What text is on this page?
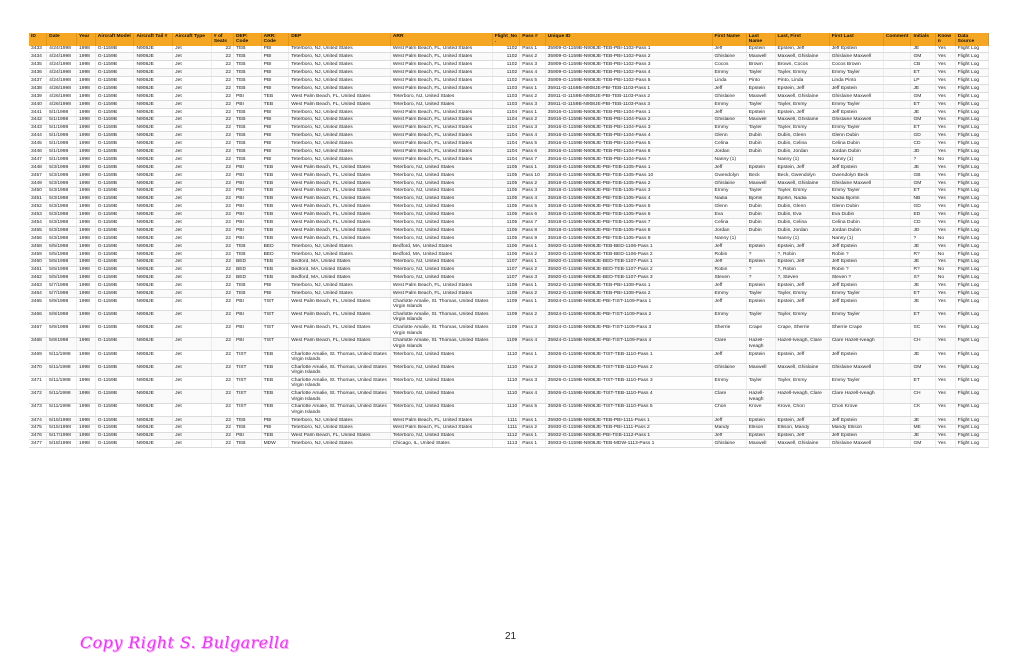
ID	Date	Year	Aircraft Model	Aircraft Tail #	Aircraft Type	# of Seats	DEP: Code	ARR: Code	DEP	ARR	Flight_No.	Pass #	Unique ID	First Name	Last Name	Last, First	First Last	Comment	Initials	Known	Data Source
3433	4/24/1998	1998	G-1159B	N908JE	Jet	22	TEB	PBI	Teterboro, NJ, United States	West Palm Beach, FL, United States	1102	Pass 1	35909-G-1159B-N908JE-TEB-PBI-1102-Pass 1	Jeff	Epstein	Epstein, Jeff	Jeff Epstein		JE	Yes	Flight Log
3434	4/24/1998	1998	G-1159B	N908JE	Jet	22	TEB	PBI	Teterboro, NJ, United States	West Palm Beach, FL, United States	1102	Pass 2	35909-G-1159B-N908JE-TEB-PBI-1102-Pass 2	Ghislaine	Maxwell	Maxwell, Ghislaine	Ghislaine Maxwell		GM	Yes	Flight Log
3435	4/24/1998	1998	G-1159B	N908JE	Jet	22	TEB	PBI	Teterboro, NJ, United States	West Palm Beach, FL, United States	1102	Pass 3	35909-G-1159B-N908JE-TEB-PBI-1102-Pass 3	Cocos	Brown	Brown, Cocos	Cocos Brown		CB	Yes	Flight Log
3436	4/24/1998	1998	G-1159B	N908JE	Jet	22	TEB	PBI	Teterboro, NJ, United States	West Palm Beach, FL, United States	1102	Pass 4	35909-G-1159B-N908JE-TEB-PBI-1102-Pass 4	Emmy	Tayler	Tayler, Emmy	Emmy Tayler		ET	Yes	Flight Log
3437	4/24/1998	1998	G-1159B	N908JE	Jet	22	TEB	PBI	Teterboro, NJ, United States	West Palm Beach, FL, United States	1102	Pass 5	35909-G-1159B-N908JE-TEB-PBI-1102-Pass 5	Linda	Pinto	Pinto, Linda	Linda Pinto		LP	Yes	Flight Log
3438	4/26/1998	1998	G-1159B	N908JE	Jet	22	TEB	PBI	Teterboro, NJ, United States	West Palm Beach, FL, United States	1103	Pass 1	35911-G-1159B-N908JE-PBI-TEB-1103-Pass 1	Jeff	Epstein	Epstein, Jeff	Jeff Epstein		JE	Yes	Flight Log
3439	4/26/1998	1998	G-1159B	N908JE	Jet	22	PBI	TEB	West Palm Beach, FL, United States	Teterboro, NJ, United States	1103	Pass 2	35911-G-1159B-N908JE-PBI-TEB-1103-Pass 2	Ghislaine	Maxwell	Maxwell, Ghislaine	Ghislaine Maxwell		GM	Yes	Flight Log
3440	4/26/1998	1998	G-1159B	N908JE	Jet	22	PBI	TEB	West Palm Beach, FL, United States	Teterboro, NJ, United States	1103	Pass 3	35911-G-1159B-N908JE-PBI-TEB-1103-Pass 3	Emmy	Tayler	Tayler, Emmy	Emmy Tayler		ET	Yes	Flight Log
3441	5/1/1998	1998	G-1159B	N908JE	Jet	22	TEB	PBI	Teterboro, NJ, United States	West Palm Beach, FL, United States	1104	Pass 1	35916-G-1159B-N908JE-TEB-PBI-1104-Pass 1	Jeff	Epstein	Epstein, Jeff	Jeff Epstein		JE	Yes	Flight Log
3442	5/1/1998	1998	G-1159B	N908JE	Jet	22	TEB	PBI	Teterboro, NJ, United States	West Palm Beach, FL, United States	1104	Pass 2	35916-G-1159B-N908JE-TEB-PBI-1104-Pass 2	Ghislaine	Maxwell	Maxwell, Ghislaine	Ghislaine Maxwell		GM	Yes	Flight Log
3443	5/1/1998	1998	G-1159B	N908JE	Jet	22	TEB	PBI	Teterboro, NJ, United States	West Palm Beach, FL, United States	1104	Pass 3	35916-G-1159B-N908JE-TEB-PBI-1104-Pass 3	Emmy	Tayler	Tayler, Emmy	Emmy Tayler		ET	Yes	Flight Log
3444	5/1/1998	1998	G-1159B	N908JE	Jet	22	TEB	PBI	Teterboro, NJ, United States	West Palm Beach, FL, United States	1104	Pass 4	35916-G-1159B-N908JE-TEB-PBI-1104-Pass 4	Glenn	Dubin	Dubin, Glenn	Glenn Dubin		GD	Yes	Flight Log
3445	5/1/1998	1998	G-1159B	N908JE	Jet	22	TEB	PBI	Teterboro, NJ, United States	West Palm Beach, FL, United States	1104	Pass 5	35916-G-1159B-N908JE-TEB-PBI-1104-Pass 5	Celina	Dubin	Dubin, Celina	Celina Dubin		CD	Yes	Flight Log
3446	5/1/1998	1998	G-1159B	N908JE	Jet	22	TEB	PBI	Teterboro, NJ, United States	West Palm Beach, FL, United States	1104	Pass 6	35916-G-1159B-N908JE-TEB-PBI-1104-Pass 6	Jordan	Dubin	Dubin, Jordan	Jordan Dubin		JD	Yes	Flight Log
3447	5/1/1998	1998	G-1159B	N908JE	Jet	22	TEB	PBI	Teterboro, NJ, United States	West Palm Beach, FL, United States	1104	Pass 7	35916-G-1159B-N908JE-TEB-PBI-1104-Pass 7	Nanny (1)		Nanny (1)	Nanny (1)		?	No	Flight Log
3448	5/3/1998	1998	G-1159B	N908JE	Jet	22	PBI	TEB	West Palm Beach, FL, United States	Teterboro, NJ, United States	1105	Pass 1	35918-G-1159B-N908JE-PBI-TEB-1105-Pass 1	Jeff	Epstein	Epstein, Jeff	Jeff Epstein		JE	Yes	Flight Log
3457	5/3/1998	1998	G-1159B	N908JE	Jet	22	PBI	TEB	West Palm Beach, FL, United States	Teterboro, NJ, United States	1105	Pass 10	35918-G-1159B-N908JE-PBI-TEB-1105-Pass 10	Gwendolyn	Beck	Beck, Gwendolyn	Gwendolyn Beck		GB	Yes	Flight Log
3449	5/3/1998	1998	G-1159B	N908JE	Jet	22	PBI	TEB	West Palm Beach, FL, United States	Teterboro, NJ, United States	1105	Pass 2	35918-G-1159B-N908JE-PBI-TEB-1105-Pass 2	Ghislaine	Maxwell	Maxwell, Ghislaine	Ghislaine Maxwell		GM	Yes	Flight Log
3450	5/3/1998	1998	G-1159B	N908JE	Jet	22	PBI	TEB	West Palm Beach, FL, United States	Teterboro, NJ, United States	1105	Pass 3	35918-G-1159B-N908JE-PBI-TEB-1105-Pass 3	Emmy	Tayler	Tayler, Emmy	Emmy Tayler		ET	Yes	Flight Log
3451	5/3/1998	1998	G-1159B	N908JE	Jet	22	PBI	TEB	West Palm Beach, FL, United States	Teterboro, NJ, United States	1105	Pass 4	35918-G-1159B-N908JE-PBI-TEB-1105-Pass 4	Nadia	Bjorlin	Bjorlin, Nadia	Nadia Bjorlin		NB	Yes	Flight Log
3452	5/3/1998	1998	G-1159B	N908JE	Jet	22	PBI	TEB	West Palm Beach, FL, United States	Teterboro, NJ, United States	1105	Pass 5	35918-G-1159B-N908JE-PBI-TEB-1105-Pass 5	Glenn	Dubin	Dubin, Glenn	Glenn Dubin		GD	Yes	Flight Log
3453	5/3/1998	1998	G-1159B	N908JE	Jet	22	PBI	TEB	West Palm Beach, FL, United States	Teterboro, NJ, United States	1105	Pass 6	35918-G-1159B-N908JE-PBI-TEB-1105-Pass 6	Eva	Dubin	Dubin, Eva	Eva Dubin		ED	Yes	Flight Log
3454	5/3/1998	1998	G-1159B	N908JE	Jet	22	PBI	TEB	West Palm Beach, FL, United States	Teterboro, NJ, United States	1105	Pass 7	35918-G-1159B-N908JE-PBI-TEB-1105-Pass 7	Celina	Dubin	Dubin, Celina	Celina Dubin		CD	Yes	Flight Log
3455	5/3/1998	1998	G-1159B	N908JE	Jet	22	PBI	TEB	West Palm Beach, FL, United States	Teterboro, NJ, United States	1105	Pass 8	35918-G-1159B-N908JE-PBI-TEB-1105-Pass 8	Jordan	Dubin	Dubin, Jordan	Jordan Dubin		JD	Yes	Flight Log
3456	5/3/1998	1998	G-1159B	N908JE	Jet	22	PBI	TEB	West Palm Beach, FL, United States	Teterboro, NJ, United States	1105	Pass 9	35918-G-1159B-N908JE-PBI-TEB-1105-Pass 9	Nanny (1)		Nanny (1)	Nanny (1)		?	No	Flight Log
3458	5/5/1998	1998	G-1159B	N908JE	Jet	22	TEB	BED	Teterboro, NJ, United States	Bedford, MA, United States	1106	Pass 1	35920-G-1159B-N908JE-TEB-BED-1106-Pass 1	Jeff	Epstein	Epstein, Jeff	Jeff Epstein		JE	Yes	Flight Log
3459	5/5/1998	1998	G-1159B	N908JE	Jet	22	TEB	BED	Teterboro, NJ, United States	Bedford, MA, United States	1106	Pass 2	35920-G-1159B-N908JE-TEB-BED-1106-Pass 2	Robin	?	?, Robin	Robin ?		R?	No	Flight Log
3460	5/5/1998	1998	G-1159B	N908JE	Jet	22	BED	TEB	Bedford, MA, United States	Teterboro, NJ, United States	1107	Pass 1	35920-G-1159B-N908JE-BED-TEB-1107-Pass 1	Jeff	Epstein	Epstein, Jeff	Jeff Epstein		JE	Yes	Flight Log
3461	5/5/1998	1998	G-1159B	N908JE	Jet	22	BED	TEB	Bedford, MA, United States	Teterboro, NJ, United States	1107	Pass 2	35920-G-1159B-N908JE-BED-TEB-1107-Pass 2	Robin	?	?, Robin	Robin ?		R?	No	Flight Log
3462	5/5/1998	1998	G-1159B	N908JE	Jet	22	BED	TEB	Bedford, MA, United States	Teterboro, NJ, United States	1107	Pass 3	35920-G-1159B-N908JE-BED-TEB-1107-Pass 3	Steven	?	?, Steven	Steven ?		S?	No	Flight Log
3463	5/7/1998	1998	G-1159B	N908JE	Jet	22	TEB	PBI	Teterboro, NJ, United States	West Palm Beach, FL, United States	1108	Pass 1	35922-G-1159B-N908JE-TEB-PBI-1108-Pass 1	Jeff	Epstein	Epstein, Jeff	Jeff Epstein		JE	Yes	Flight Log
3464	5/7/1998	1998	G-1159B	N908JE	Jet	22	TEB	PBI	Teterboro, NJ, United States	West Palm Beach, FL, United States	1108	Pass 2	35922-G-1159B-N908JE-TEB-PBI-1108-Pass 2	Emmy	Tayler	Tayler, Emmy	Emmy Tayler		ET	Yes	Flight Log
3465	5/9/1998	1998	G-1159B	N908JE	Jet	22	PBI	TIST	West Palm Beach, FL, United States	Charlotte Amalie, St. Thomas, United States Virgin Islands	1109	Pass 1	35924-G-1159B-N908JE-PBI-TIST-1109-Pass 1	Jeff	Epstein	Epstein, Jeff	Jeff Epstein		JE	Yes	Flight Log
3466	5/9/1998	1998	G-1159B	N908JE	Jet	22	PBI	TIST	West Palm Beach, FL, United States	Charlotte Amalie, St. Thomas, United States Virgin Islands	1109	Pass 2	35924-G-1159B-N908JE-PBI-TIST-1109-Pass 2	Emmy	Tayler	Tayler, Emmy	Emmy Tayler		ET	Yes	Flight Log
3467	5/9/1998	1998	G-1159B	N908JE	Jet	22	PBI	TIST	West Palm Beach, FL, United States	Charlotte Amalie, St. Thomas, United States Virgin Islands	1109	Pass 3	35924-G-1159B-N908JE-PBI-TIST-1109-Pass 3	Sherrie	Crape	Crape, Sherrie	Sherrie Crape		SC	Yes	Flight Log
3468	5/9/1998	1998	G-1159B	N908JE	Jet	22	PBI	TIST	West Palm Beach, FL, United States	Charlotte Amalie, St. Thomas, United States Virgin Islands	1109	Pass 4	35924-G-1159B-N908JE-PBI-TIST-1109-Pass 4	Clare	Hazell-Iveagh	Hazell-Iveagh, Clare	Clare Hazell-Iveagh		CH	Yes	Flight Log
3469	5/11/1998	1998	G-1159B	N908JE	Jet	22	TIST	TEB	Charlotte Amalie, St. Thomas, United States Virgin Islands	Teterboro, NJ, United States	1110	Pass 1	35926-G-1159B-N908JE-TIST-TEB-1110-Pass 1	Jeff	Epstein	Epstein, Jeff	Jeff Epstein		JE	Yes	Flight Log
3470	5/11/1998	1998	G-1159B	N908JE	Jet	22	TIST	TEB	Charlotte Amalie, St. Thomas, United States Virgin Islands	Teterboro, NJ, United States	1110	Pass 2	35926-G-1159B-N908JE-TIST-TEB-1110-Pass 2	Ghislaine	Maxwell	Maxwell, Ghislaine	Ghislaine Maxwell		GM	Yes	Flight Log
3471	5/11/1998	1998	G-1159B	N908JE	Jet	22	TIST	TEB	Charlotte Amalie, St. Thomas, United States Virgin Islands	Teterboro, NJ, United States	1110	Pass 3	35926-G-1159B-N908JE-TIST-TEB-1110-Pass 3	Emmy	Tayler	Tayler, Emmy	Emmy Tayler		ET	Yes	Flight Log
3472	5/11/1998	1998	G-1159B	N908JE	Jet	22	TIST	TEB	Charlotte Amalie, St. Thomas, United States Virgin Islands	Teterboro, NJ, United States	1110	Pass 4	35926-G-1159B-N908JE-TIST-TEB-1110-Pass 4	Clare	Hazell-Iveagh	Hazell-Iveagh, Clare	Clare Hazell-Iveagh		CH	Yes	Flight Log
3473	5/11/1998	1998	G-1159B	N908JE	Jet	22	TIST	TEB	Charlotte Amalie, St. Thomas, United States Virgin Islands	Teterboro, NJ, United States	1110	Pass 5	35926-G-1159B-N908JE-TIST-TEB-1110-Pass 5	Chori	Krove	Krove, Chori	Chori Krove		CK	Yes	Flight Log
3474	5/15/1998	1998	G-1159B	N908JE	Jet	22	TEB	PBI	Teterboro, NJ, United States	West Palm Beach, FL, United States	1111	Pass 1	35930-G-1159B-N908JE-TEB-PBI-1111-Pass 1	Jeff	Epstein	Epstein, Jeff	Jeff Epstein		JE	Yes	Flight Log
3475	5/15/1998	1998	G-1159B	N908JE	Jet	22	TEB	PBI	Teterboro, NJ, United States	West Palm Beach, FL, United States	1111	Pass 2	35930-G-1159B-N908JE-TEB-PBI-1111-Pass 2	Mandy	Ellison	Ellison, Mandy	Mandy Ellison		ME	Yes	Flight Log
3476	5/17/1998	1998	G-1159B	N908JE	Jet	22	PBI	TEB	West Palm Beach, FL, United States	Teterboro, NJ, United States	1112	Pass 1	35932-G-1159B-N908JE-PBI-TEB-1112-Pass 1	Jeff	Epstein	Epstein, Jeff	Jeff Epstein		JE	Yes	Flight Log
3477	5/18/1998	1998	G-1159B	N908JE	Jet	22	TEB	MDW	Teterboro, NJ, United States	Chicago, IL, United States	1113	Pass 1	35933-G-1159B-N908JE-TEB-MDW-1113-Pass 1	Ghislaine	Maxwell	Maxwell, Ghislaine	Ghislaine Maxwell		GM	Yes	Flight Log
Copy Right S. Bulgarella	21
